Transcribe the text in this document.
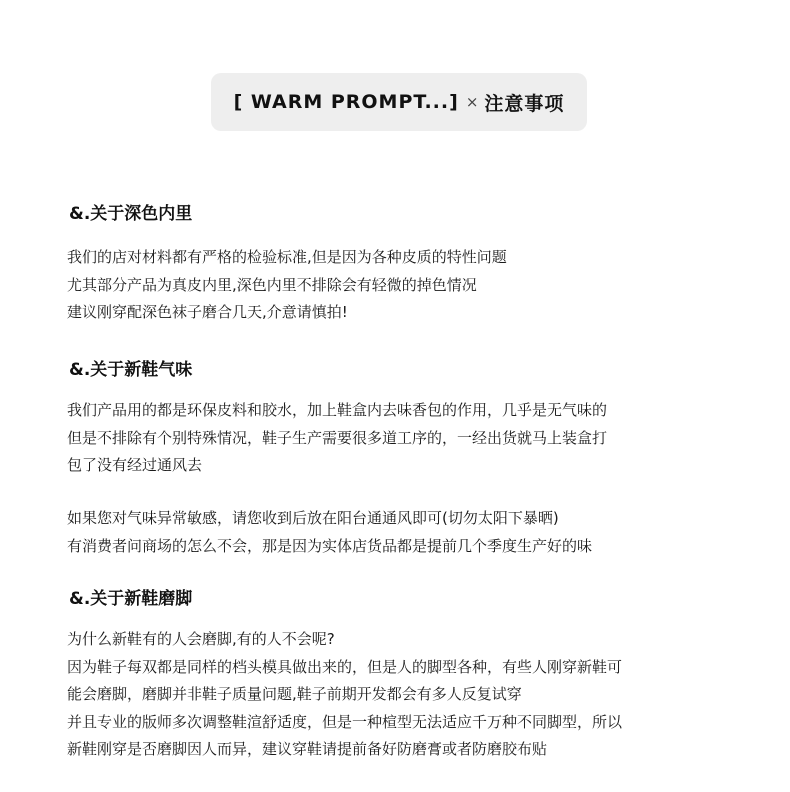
[ WARM PROMPT...] × 注意事项
&.关于深色内里
我们的店对材料都有严格的检验标准,但是因为各种皮质的特性问题
尤其部分产品为真皮内里,深色内里不排除会有轻微的掉色情况
建议刚穿配深色袜子磨合几天,介意请慎拍!
&.关于新鞋气味
我们产品用的都是环保皮料和胶水，加上鞋盒内去味香包的作用，几乎是无气味的
但是不排除有个别特殊情况，鞋子生产需要很多道工序的，一经出货就马上装盒打
包了没有经过通风去
如果您对气味异常敏感，请您收到后放在阳台通通风即可(切勿太阳下暴晒)
有消费者问商场的怎么不会，那是因为实体店货品都是提前几个季度生产好的味
&.关于新鞋磨脚
为什么新鞋有的人会磨脚,有的人不会呢?
因为鞋子每双都是同样的档头模具做出来的，但是人的脚型各种，有些人刚穿新鞋可
能会磨脚，磨脚并非鞋子质量问题,鞋子前期开发都会有多人反复试穿
并且专业的版师多次调整鞋渲舒适度，但是一种楦型无法适应千万种不同脚型，所以
新鞋刚穿是否磨脚因人而异，建议穿鞋请提前备好防磨膏或者防磨胶布贴
